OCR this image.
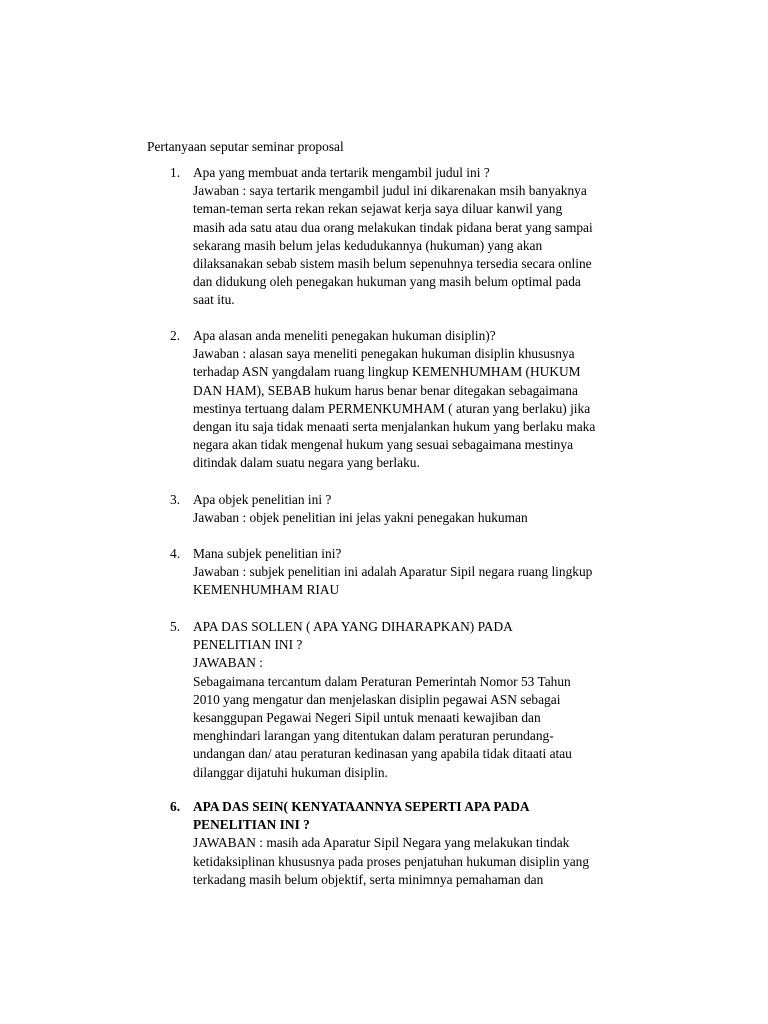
Pertanyaan seputar seminar proposal
1. Apa yang membuat anda tertarik mengambil judul ini ?
Jawaban : saya tertarik mengambil judul ini dikarenakan msih banyaknya
teman-teman serta rekan rekan sejawat kerja saya diluar kanwil yang
masih ada satu atau dua orang melakukan tindak pidana berat yang sampai
sekarang masih belum jelas kedudukannya (hukuman) yang akan
dilaksanakan sebab sistem masih belum sepenuhnya tersedia secara online
dan didukung oleh penegakan hukuman yang masih belum optimal pada
saat itu.
2. Apa alasan anda meneliti penegakan hukuman disiplin)?
Jawaban : alasan saya meneliti penegakan hukuman disiplin khususnya
terhadap ASN yangdalam ruang lingkup KEMENHUMHAM (HUKUM
DAN HAM), SEBAB hukum harus benar benar ditegakan sebagaimana
mestinya tertuang dalam PERMENKUMHAM ( aturan yang berlaku) jika
dengan itu saja tidak menaati serta menjalankan hukum yang berlaku maka
negara akan tidak mengenal hukum yang sesuai sebagaimana mestinya
ditindak dalam suatu negara yang berlaku.
3. Apa objek penelitian ini ?
Jawaban : objek penelitian ini jelas yakni penegakan hukuman
4. Mana subjek penelitian ini?
Jawaban : subjek penelitian ini adalah Aparatur Sipil negara ruang lingkup
KEMENHUMHAM RIAU
5. APA DAS SOLLEN ( APA YANG DIHARAPKAN) PADA
PENELITIAN INI ?
JAWABAN :
Sebagaimana tercantum dalam Peraturan Pemerintah Nomor 53 Tahun
2010 yang mengatur dan menjelaskan disiplin pegawai ASN sebagai
kesanggupan Pegawai Negeri Sipil untuk menaati kewajiban dan
menghindari larangan yang ditentukan dalam peraturan perundang-
undangan dan/ atau peraturan kedinasan yang apabila tidak ditaati atau
dilanggar dijatuhi hukuman disiplin.
6. APA DAS SEIN( KENYATAANNYA SEPERTI APA PADA
PENELITIAN INI ?
JAWABAN : masih ada Aparatur Sipil Negara yang melakukan tindak
ketidaksiplinan khususnya pada proses penjatuhan hukuman disiplin yang
terkadang masih belum objektif, serta minimnya pemahaman dan
